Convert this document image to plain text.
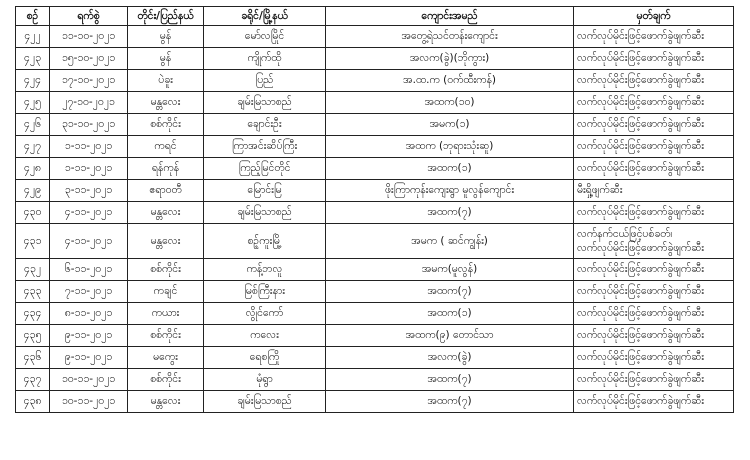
စဉ်	ရက်စွဲ	တိုင်း/ပြည်နယ်	ခရိုင်/မြို့နယ်	ကျောင်းအမည်	မှတ်ချက်
၄၂၂	၁၁-၁၀-၂၀၂၁	မွန်	မော်လမြိုင်	အတွေ့ရဲသင်တန်းကျောင်း	လက်လုပ်မိုင်းဖြင့်ဖောက်ခွဲဖျက်ဆီး
၄၂၃	၁၅-၁၀-၂၀၂၁	မွန်	ကျိုက်ထို	အလက(ခွဲ)(ဘိုကွား)	လက်လုပ်မိုင်းဖြင့်ဖောက်ခွဲဖျက်ဆီး
၄၂၄	၁၇-၁၀-၂၀၂၁	ပဲခူး	ပြည်	အ.ထ.က (ဝက်ထီးကန်)	လက်လုပ်မိုင်းဖြင့်ဖောက်ခွဲဖျက်ဆီး
၄၂၅	၂၇-၁၀-၂၀၂၁	မန္တလေး	ချမ်းမြသာစည်	အထက(၁၀)	လက်လုပ်မိုင်းဖြင့်ဖောက်ခွဲဖျက်ဆီး
၄၂၆	၃၁-၁၀-၂၀၂၁	စစ်ကိုင်း	ချောင်းဦး	အမက(၁)	လက်လုပ်မိုင်းဖြင့်ဖောက်ခွဲဖျက်ဆီး
၄၂၇	၁-၁၁-၂၀၂၁	ကရင်	ကြာအင်းဆိပ်ကြီး	အထက (ဘုရားသုံးဆူ)	လက်လုပ်မိုင်းဖြင့်ဖောက်ခွဲဖျက်ဆီး
၄၂၈	၁-၁၁-၂၀၂၁	ရန်ကုန်	ကြည့်မြင်တိုင်	အထက(၁)	လက်လုပ်မိုင်းဖြင့်ဖောက်ခွဲဖျက်ဆီး
၄၂၉	၃-၁၁-၂၀၂၁	ဧရာဝတီ	မြောင်းမြ	ဖိုးကြာကုန်းကျေးရွာ မူလွန်ကျောင်း	မီးရှို့ဖျက်ဆီး
၄၃၀	၄-၁၁-၂၀၂၁	မန္တလေး	ချမ်းမြသာစည်	အထက(၇)	လက်လုပ်မိုင်းဖြင့်ဖောက်ခွဲဖျက်ဆီး
၄၃၁	၄-၁၁-၂၀၂၁	မန္တလေး	စဉ့်ကူးမြို့	အမက ( ဆင်ကျွန်း)	လက်နက်ငယ်ဖြင့်ပစ်ခတ်၊
လက်လုပ်မိုင်းဖြင့်ဖောက်ခွဲဖျက်ဆီး

၄၃၂	၆-၁၁-၂၀၂၁	စစ်ကိုင်း	ကန့်ဘလူ	အမက(မူလွန်)	လက်လုပ်မိုင်းဖြင့်ဖောက်ခွဲဖျက်ဆီး
၄၃၃	၇-၁၁-၂၀၂၁	ကချင်	မြစ်ကြီးနား	အထက(၇)	လက်လုပ်မိုင်းဖြင့်ဖောက်ခွဲဖျက်ဆီး
၄၃၄	၈-၁၁-၂၀၂၁	ကယား	လွိုင်ကော်	အထက(၁)	လက်လုပ်မိုင်းဖြင့်ဖောက်ခွဲဖျက်ဆီး
၄၃၅	၉-၁၁-၂၀၂၁	စစ်ကိုင်း	ကလေး	အထက(၉) တောင်သာ	လက်လုပ်မိုင်းဖြင့်ဖောက်ခွဲဖျက်ဆီး
၄၃၆	၉-၁၁-၂၀၂၁	မကွေး	ရေစကြို	အလက(ခွဲ)	လက်လုပ်မိုင်းဖြင့်ဖောက်ခွဲဖျက်ဆီး
၄၃၇	၁၀-၁၁-၂၀၂၁	စစ်ကိုင်း	မုံရွာ	အထက(၇)	လက်လုပ်မိုင်းဖြင့်ဖောက်ခွဲဖျက်ဆီး
၄၃၈	၁၀-၁၁-၂၀၂၁	မန္တလေး	ချမ်းမြသာစည်	အထက(၇)	လက်လုပ်မိုင်းဖြင့်ဖောက်ခွဲဖျက်ဆီး
